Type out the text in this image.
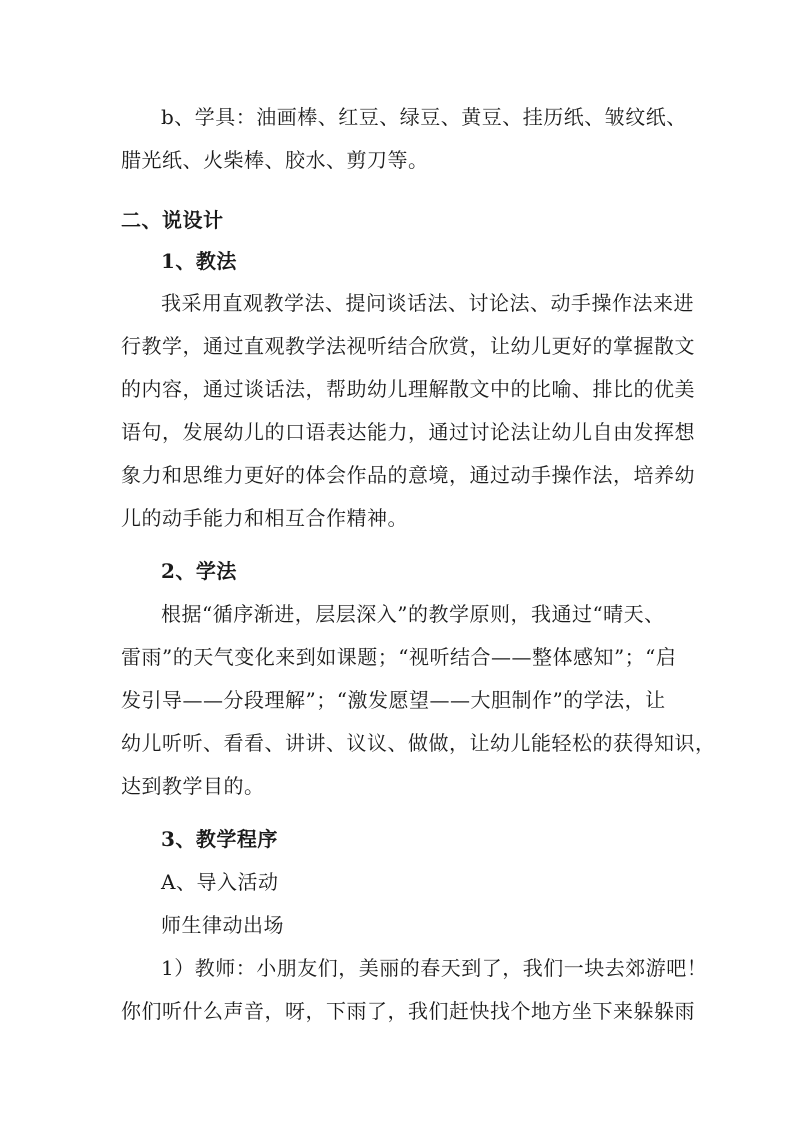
b、学具：油画棒、红豆、绿豆、黄豆、挂历纸、皱纹纸、
腊光纸、火柴棒、胶水、剪刀等。
二、说设计
1、教法
我采用直观教学法、提问谈话法、讨论法、动手操作法来进
行教学，通过直观教学法视听结合欣赏，让幼儿更好的掌握散文
的内容，通过谈话法，帮助幼儿理解散文中的比喻、排比的优美
语句，发展幼儿的口语表达能力，通过讨论法让幼儿自由发挥想
象力和思维力更好的体会作品的意境，通过动手操作法，培养幼
儿的动手能力和相互合作精神。
2、学法
根据“循序渐进，层层深入”的教学原则，我通过“晴天、
雷雨”的天气变化来到如课题；“视听结合——整体感知”；“启
发引导——分段理解”；“激发愿望——大胆制作”的学法，让
幼儿听听、看看、讲讲、议议、做做，让幼儿能轻松的获得知识，
达到教学目的。
3、教学程序
A、导入活动
师生律动出场
1）教师：小朋友们，美丽的春天到了，我们一块去郊游吧！
你们听什么声音，呀，下雨了，我们赶快找个地方坐下来躲躲雨
